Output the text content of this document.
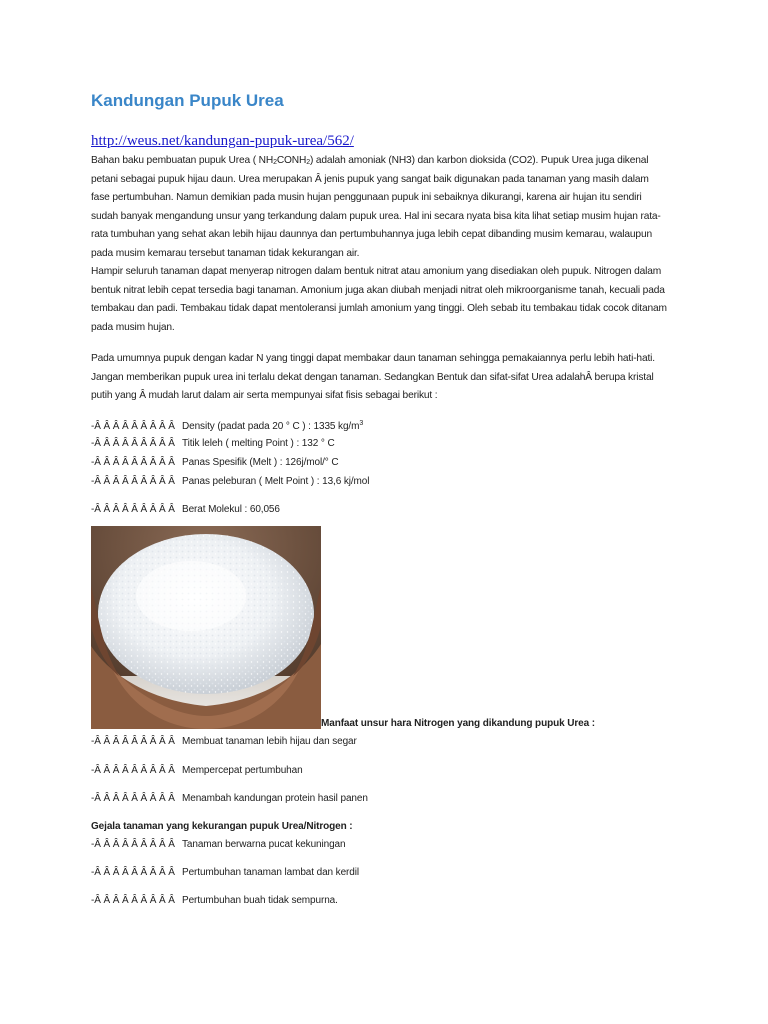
Kandungan Pupuk Urea
http://weus.net/kandungan-pupuk-urea/562/
Bahan baku pembuatan pupuk Urea ( $NH_2CONH_2$) adalah amoniak (NH3) dan karbon dioksida (CO2). Pupuk Urea juga dikenal
petani sebagai pupuk hijau daun. Urea merupakan Â jenis pupuk yang sangat baik digunakan pada tanaman yang masih dalam
fase pertumbuhan. Namun demikian pada musin hujan penggunaan pupuk ini sebaiknya dikurangi, karena air hujan itu sendiri
sudah banyak mengandung unsur yang terkandung dalam pupuk urea. Hal ini secara nyata bisa kita lihat setiap musim hujan rata-
rata tumbuhan yang sehat akan lebih hijau daunnya dan pertumbuhannya juga lebih cepat dibanding musim kemarau, walaupun
pada musim kemarau tersebut tanaman tidak kekurangan air.
Hampir seluruh tanaman dapat menyerap nitrogen dalam bentuk nitrat atau amonium yang disediakan oleh pupuk. Nitrogen dalam
bentuk nitrat lebih cepat tersedia bagi tanaman. Amonium juga akan diubah menjadi nitrat oleh mikroorganisme tanah, kecuali pada
tembakau dan padi. Tembakau tidak dapat mentoleransi jumlah amonium yang tinggi. Oleh sebab itu tembakau tidak cocok ditanam
pada musim hujan.
Pada umumnya pupuk dengan kadar N yang tinggi dapat membakar daun tanaman sehingga pemakaiannya perlu lebih hati-hati.
Jangan memberikan pupuk urea ini terlalu dekat dengan tanaman. Sedangkan Bentuk dan sifat-sifat Urea adalahÂ berupa kristal
putih yang Â mudah larut dalam air serta mempunyai sifat fisis sebagai berikut :
-Â Â Â Â Â Â Â Â Â Density (padat pada 20 ° C ) : 1335 $kg/m^3$
-Â Â Â Â Â Â Â Â Â Titik leleh ( melting Point ) : 132 ° C
-Â Â Â Â Â Â Â Â Â Panas Spesifik (Melt ) : 126j/mol/° C
-Â Â Â Â Â Â Â Â Â Panas peleburan ( Melt Point ) : 13,6 kj/mol
-Â Â Â Â Â Â Â Â Â Berat Molekul : 60,056
Manfaat unsur hara Nitrogen yang dikandung pupuk Urea :
-Â Â Â Â Â Â Â Â Â Membuat tanaman lebih hijau dan segar
-Â Â Â Â Â Â Â Â Â Mempercepat pertumbuhan
-Â Â Â Â Â Â Â Â Â Menambah kandungan protein hasil panen
Gejala tanaman yang kekurangan pupuk Urea/Nitrogen :
-Â Â Â Â Â Â Â Â Â Tanaman berwarna pucat kekuningan
-Â Â Â Â Â Â Â Â Â Pertumbuhan tanaman lambat dan kerdil
-Â Â Â Â Â Â Â Â Â Pertumbuhan buah tidak sempurna.
